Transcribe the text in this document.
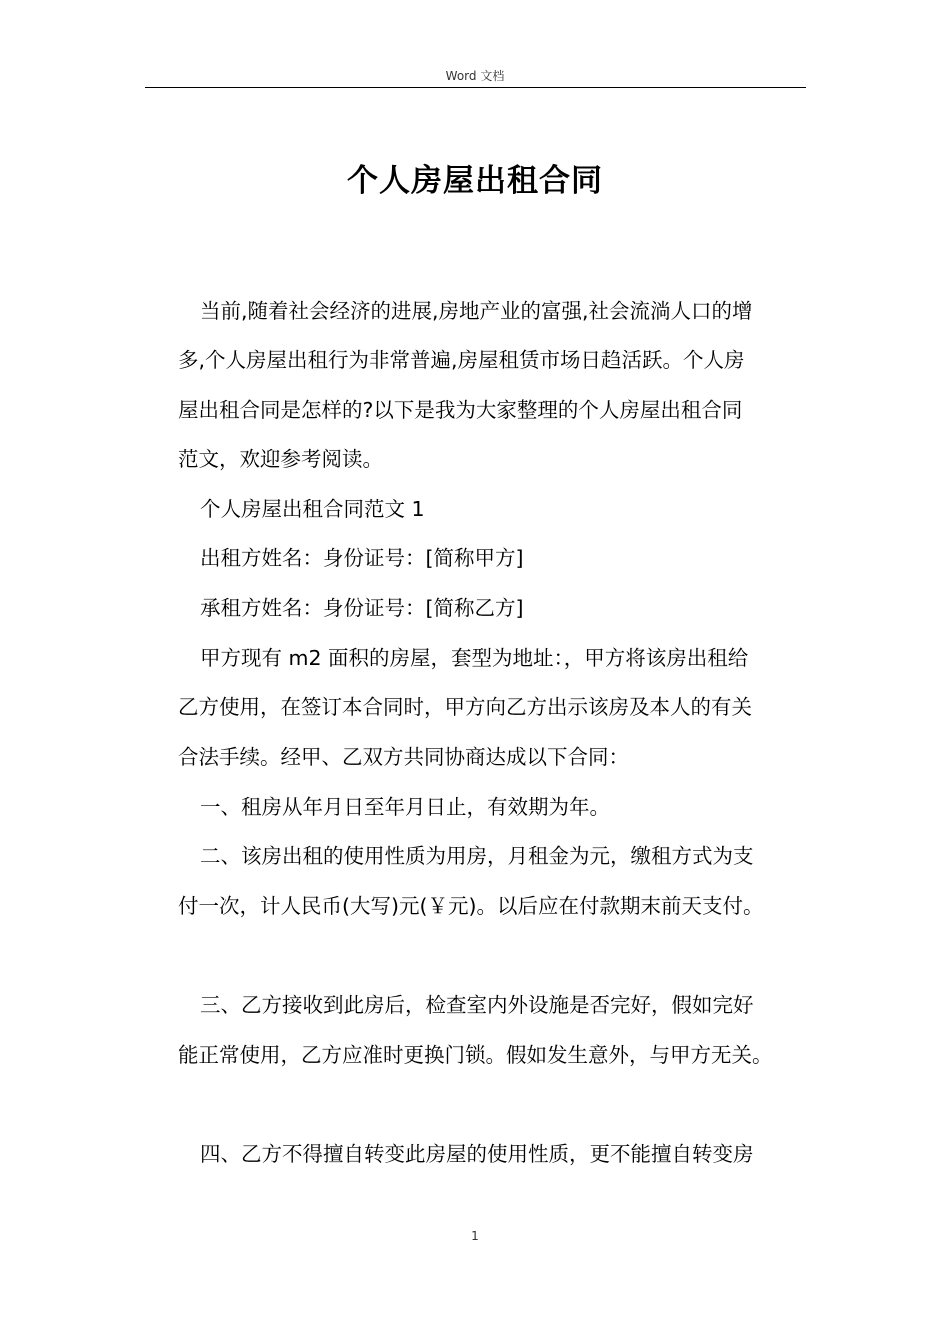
Word 文档
个人房屋出租合同
当前,随着社会经济的进展,房地产业的富强,社会流淌人口的增
多,个人房屋出租行为非常普遍,房屋租赁市场日趋活跃。个人房
屋出租合同是怎样的?以下是我为大家整理的个人房屋出租合同
范文，欢迎参考阅读。
个人房屋出租合同范文 1
出租方姓名：身份证号：[简称甲方]
承租方姓名：身份证号：[简称乙方]
甲方现有 m2 面积的房屋，套型为地址：，甲方将该房出租给
乙方使用，在签订本合同时，甲方向乙方出示该房及本人的有关
合法手续。经甲、乙双方共同协商达成以下合同：
一、租房从年月日至年月日止，有效期为年。
二、该房出租的使用性质为用房，月租金为元，缴租方式为支
付一次，计人民币(大写)元(￥元)。以后应在付款期末前天支付。
三、乙方接收到此房后，检查室内外设施是否完好，假如完好
能正常使用，乙方应准时更换门锁。假如发生意外，与甲方无关。
四、乙方不得擅自转变此房屋的使用性质，更不能擅自转变房
1
